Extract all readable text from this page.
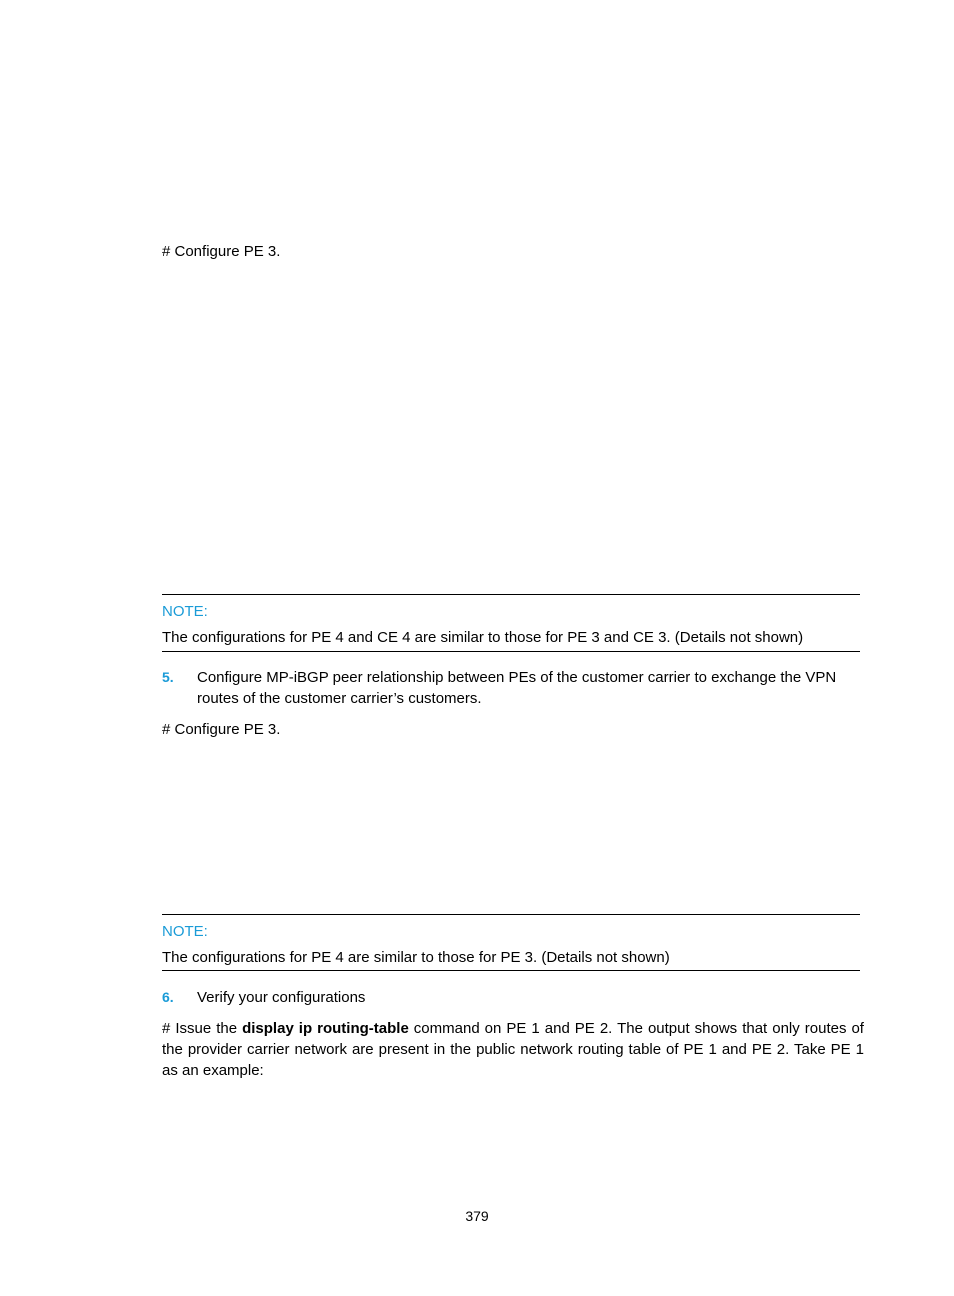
# Configure PE 3.
NOTE:
The configurations for PE 4 and CE 4 are similar to those for PE 3 and CE 3. (Details not shown)
5. Configure MP-iBGP peer relationship between PEs of the customer carrier to exchange the VPN routes of the customer carrier’s customers.
# Configure PE 3.
NOTE:
The configurations for PE 4 are similar to those for PE 3. (Details not shown)
6. Verify your configurations
# Issue the display ip routing-table command on PE 1 and PE 2. The output shows that only routes of the provider carrier network are present in the public network routing table of PE 1 and PE 2. Take PE 1 as an example:
379
